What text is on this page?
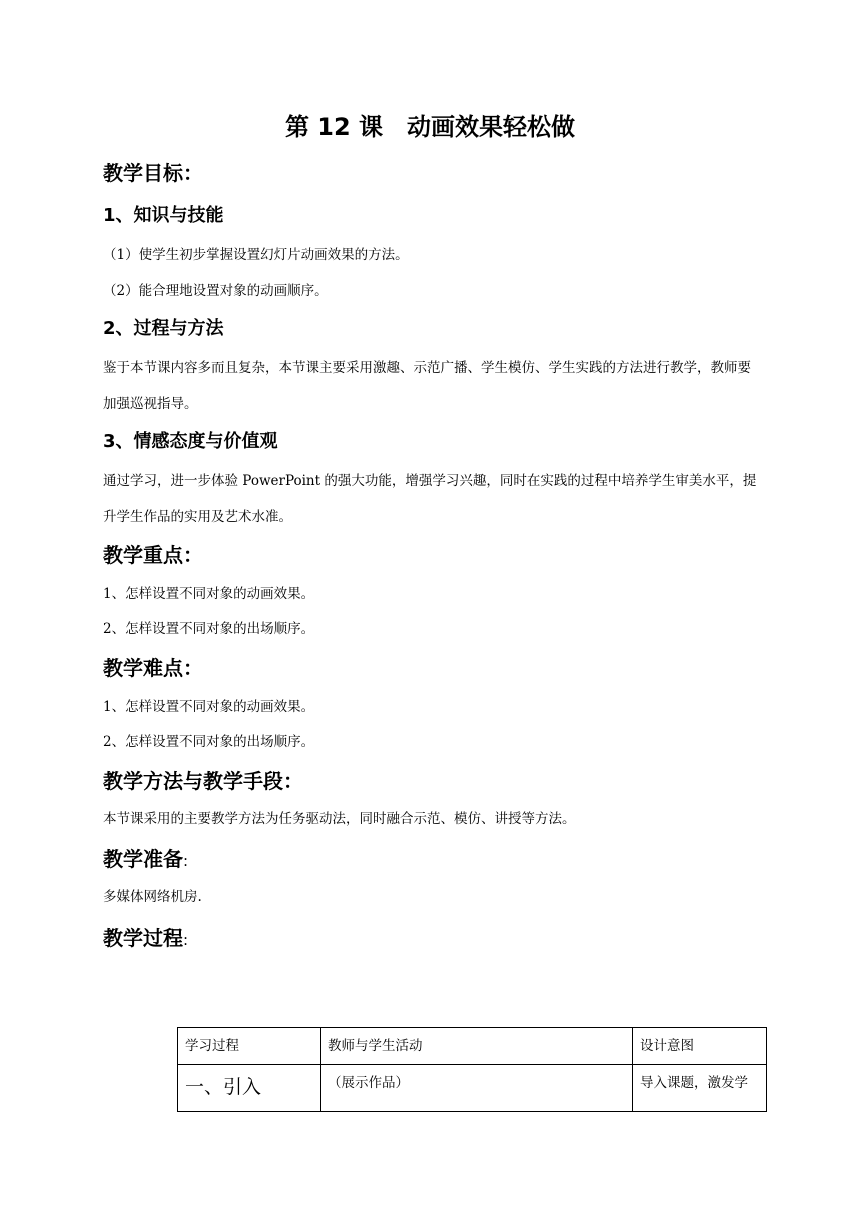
第 12 课　动画效果轻松做
教学目标：
1、知识与技能
（1）使学生初步掌握设置幻灯片动画效果的方法。
（2）能合理地设置对象的动画顺序。
2、过程与方法
鉴于本节课内容多而且复杂，本节课主要采用激趣、示范广播、学生模仿、学生实践的方法进行教学，教师要加强巡视指导。
3、情感态度与价值观
通过学习，进一步体验 PowerPoint 的强大功能，增强学习兴趣，同时在实践的过程中培养学生审美水平，提升学生作品的实用及艺术水准。
教学重点：
1、怎样设置不同对象的动画效果。
2、怎样设置不同对象的出场顺序。
教学难点：
1、怎样设置不同对象的动画效果。
2、怎样设置不同对象的出场顺序。
教学方法与教学手段：
本节课采用的主要教学方法为任务驱动法，同时融合示范、模仿、讲授等方法。
教学准备:
多媒体网络机房.
教学过程:
学习过程	教师与学生活动	设计意图
一、引入	（展示作品）	导入课题，激发学
